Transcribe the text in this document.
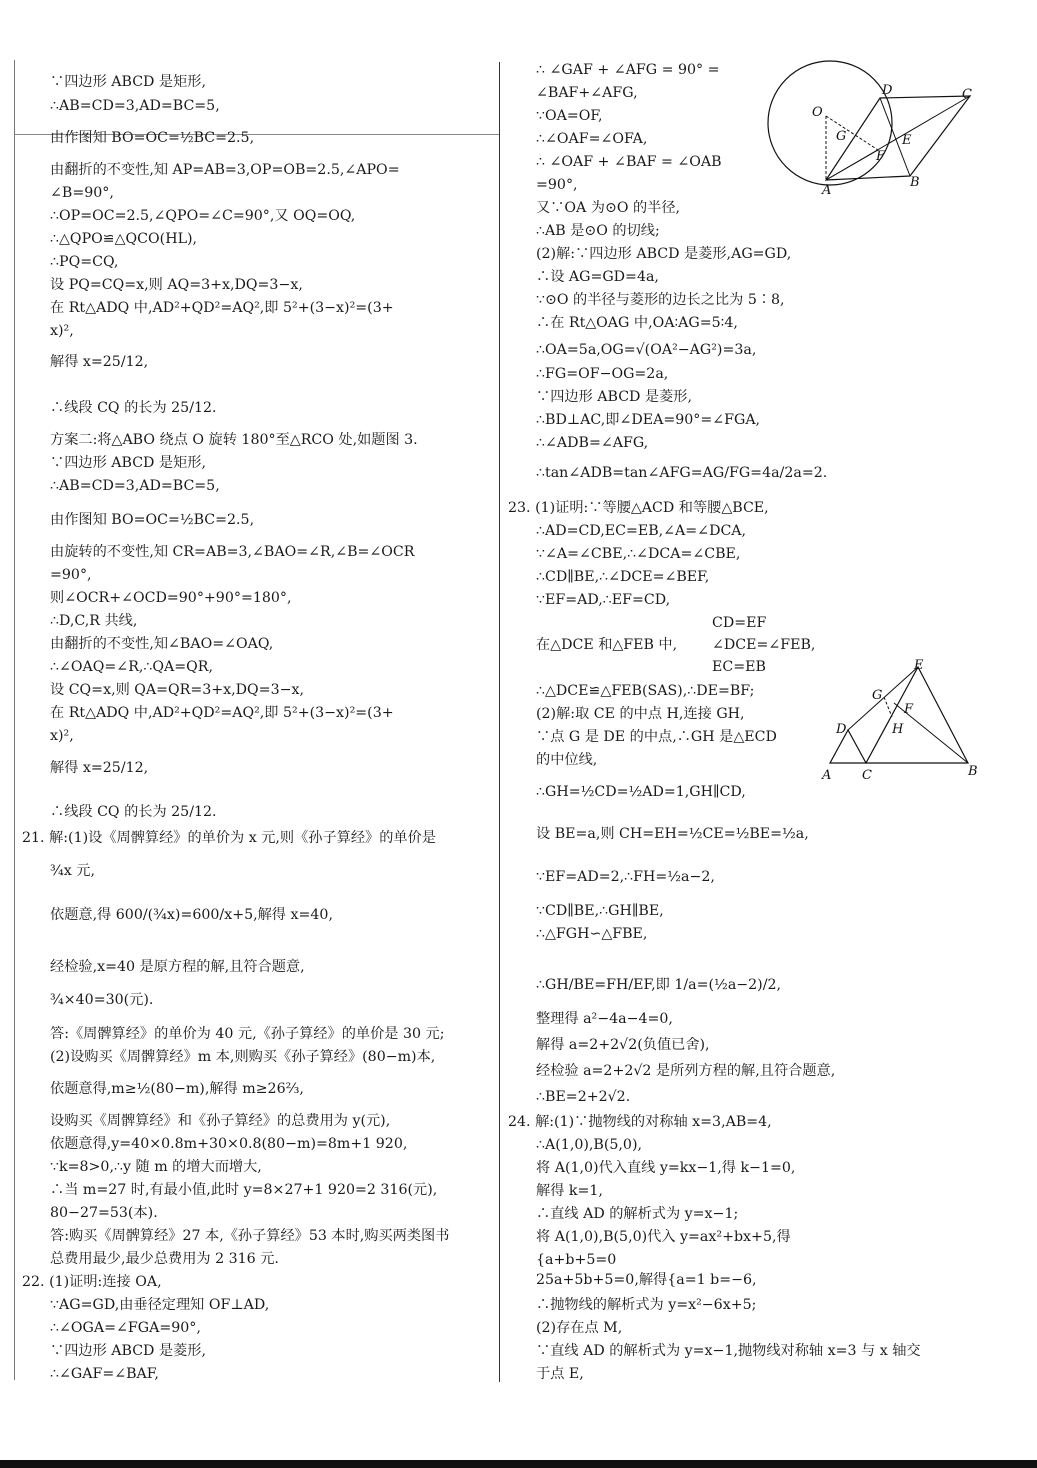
∵四边形 ABCD 是矩形,
∴AB=CD=3,AD=BC=5,
由作图知 BO=OC=½BC=2.5,
由翻折的不变性,知 AP=AB=3,OP=OB=2.5,∠APO=
∠B=90°,
∴OP=OC=2.5,∠QPO=∠C=90°,又 OQ=OQ,
∴△QPO≌△QCO(HL),
∴PQ=CQ,
设 PQ=CQ=x,则 AQ=3+x,DQ=3−x,
在 Rt△ADQ 中,AD²+QD²=AQ²,即 5²+(3−x)²=(3+
x)²,
解得 x=25/12,
∴线段 CQ 的长为 25/12.
方案二:将△ABO 绕点 O 旋转 180°至△RCO 处,如题图 3.
∵四边形 ABCD 是矩形,
∴AB=CD=3,AD=BC=5,
由作图知 BO=OC=½BC=2.5,
由旋转的不变性,知 CR=AB=3,∠BAO=∠R,∠B=∠OCR
=90°,
则∠OCR+∠OCD=90°+90°=180°,
∴D,C,R 共线,
由翻折的不变性,知∠BAO=∠OAQ,
∴∠OAQ=∠R,∴QA=QR,
设 CQ=x,则 QA=QR=3+x,DQ=3−x,
在 Rt△ADQ 中,AD²+QD²=AQ²,即 5²+(3−x)²=(3+
x)²,
解得 x=25/12,
∴线段 CQ 的长为 25/12.
21. 解:(1)设《周髀算经》的单价为 x 元,则《孙子算经》的单价是
¾x 元,
依题意,得 600/(¾x)=600/x+5,解得 x=40,
经检验,x=40 是原方程的解,且符合题意,
¾×40=30(元).
答:《周髀算经》的单价为 40 元,《孙子算经》的单价是 30 元;
(2)设购买《周髀算经》m 本,则购买《孙子算经》(80−m)本,
依题意得,m≥½(80−m),解得 m≥26⅔,
设购买《周髀算经》和《孙子算经》的总费用为 y(元),
依题意得,y=40×0.8m+30×0.8(80−m)=8m+1 920,
∵k=8>0,∴y 随 m 的增大而增大,
∴当 m=27 时,有最小值,此时 y=8×27+1 920=2 316(元),
80−27=53(本).
答:购买《周髀算经》27 本,《孙子算经》53 本时,购买两类图书
总费用最少,最少总费用为 2 316 元.
22. (1)证明:连接 OA,
∵AG=GD,由垂径定理知 OF⊥AD,
∴∠OGA=∠FGA=90°,
∵四边形 ABCD 是菱形,
∴∠GAF=∠BAF,
∴ ∠GAF + ∠AFG = 90° =
∠BAF+∠AFG,
∵OA=OF,
∴∠OAF=∠OFA,
∴ ∠OAF + ∠BAF = ∠OAB
=90°,
又∵OA 为⊙O 的半径,
∴AB 是⊙O 的切线;
(2)解:∵四边形 ABCD 是菱形,AG=GD,
∴设 AG=GD=4a,
∵⊙O 的半径与菱形的边长之比为 5∶8,
∴在 Rt△OAG 中,OA∶AG=5∶4,
∴OA=5a,OG=√(OA²−AG²)=3a,
∴FG=OF−OG=2a,
∵四边形 ABCD 是菱形,
∴BD⊥AC,即∠DEA=90°=∠FGA,
∴∠ADB=∠AFG,
∴tan∠ADB=tan∠AFG=AG/FG=4a/2a=2.
23. (1)证明:∵等腰△ACD 和等腰△BCE,
∴AD=CD,EC=EB,∠A=∠DCA,
∵∠A=∠CBE,∴∠DCA=∠CBE,
∴CD∥BE,∴∠DCE=∠BEF,
∵EF=AD,∴EF=CD,
在△DCE 和△FEB 中,
CD=EF
∠DCE=∠FEB,
EC=EB
∴△DCE≌△FEB(SAS),∴DE=BF;
(2)解:取 CE 的中点 H,连接 GH,
∵点 G 是 DE 的中点,∴GH 是△ECD
的中位线,
∴GH=½CD=½AD=1,GH∥CD,
设 BE=a,则 CH=EH=½CE=½BE=½a,
∵EF=AD=2,∴FH=½a−2,
∵CD∥BE,∴GH∥BE,
∴△FGH∽△FBE,
∴GH/BE=FH/EF,即 1/a=(½a−2)/2,
整理得 a²−4a−4=0,
解得 a=2+2√2(负值已舍),
经检验 a=2+2√2 是所列方程的解,且符合题意,
∴BE=2+2√2.
24. 解:(1)∵抛物线的对称轴 x=3,AB=4,
∴A(1,0),B(5,0),
将 A(1,0)代入直线 y=kx−1,得 k−1=0,
解得 k=1,
∴直线 AD 的解析式为 y=x−1;
将 A(1,0),B(5,0)代入 y=ax²+bx+5,得
{a+b+5=0
25a+5b+5=0,解得{a=1 b=−6,
∴抛物线的解析式为 y=x²−6x+5;
(2)存在点 M,
∵直线 AD 的解析式为 y=x−1,抛物线对称轴 x=3 与 x 轴交
于点 E,
O
D	C
G	E
F
A
B
E
G
F
D	H
A C	B
